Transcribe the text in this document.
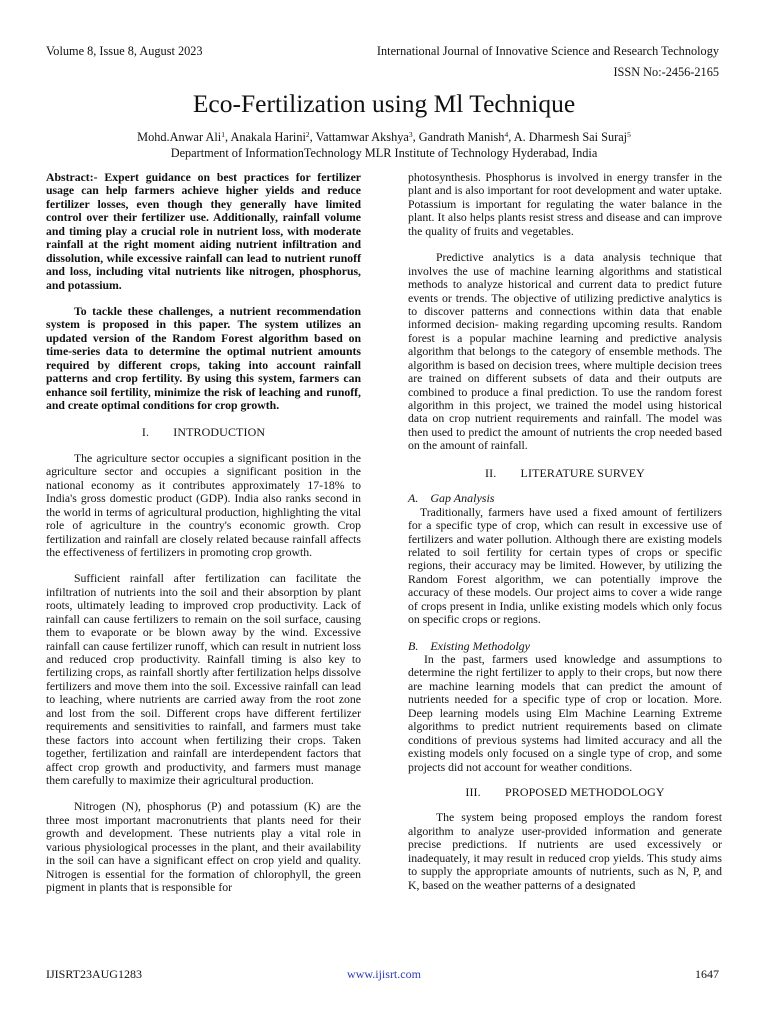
Volume 8, Issue 8, August 2023	International Journal of Innovative Science and Research Technology
ISSN No:-2456-2165
Eco-Fertilization using Ml Technique
Mohd.Anwar Ali$^1$, Anakala Harini$^2$, Vattamwar Akshya$^3$, Gandrath Manish$^4$, A. Dharmesh Sai Suraj$^5$
Department of InformationTechnology MLR Institute of Technology Hyderabad, India

Abstract:- Expert guidance on best practices for fertilizer usage can help farmers achieve higher yields and reduce fertilizer losses, even though they generally have limited control over their fertilizer use. Additionally, rainfall volume and timing play a crucial role in nutrient loss, with moderate rainfall at the right moment aiding nutrient infiltration and dissolution, while excessive rainfall can lead to nutrient runoff and loss, including vital nutrients like nitrogen, phosphorus, and potassium.

To tackle these challenges, a nutrient recommendation system is proposed in this paper. The system utilizes an updated version of the Random Forest algorithm based on time-series data to determine the optimal nutrient amounts required by different crops, taking into account rainfall patterns and crop fertility. By using this system, farmers can enhance soil fertility, minimize the risk of leaching and runoff, and create optimal conditions for crop growth.

I.  INTRODUCTION

The agriculture sector occupies a significant position in the agriculture sector and occupies a significant position in the national economy as it contributes approximately 17-18% to India's gross domestic product (GDP). India also ranks second in the world in terms of agricultural production, highlighting the vital role of agriculture in the country's economic growth. Crop fertilization and rainfall are closely related because rainfall affects the effectiveness of fertilizers in promoting crop growth.

Sufficient rainfall after fertilization can facilitate the infiltration of nutrients into the soil and their absorption by plant roots, ultimately leading to improved crop productivity. Lack of rainfall can cause fertilizers to remain on the soil surface, causing them to evaporate or be blown away by the wind. Excessive rainfall can cause fertilizer runoff, which can result in nutrient loss and reduced crop productivity. Rainfall timing is also key to fertilizing crops, as rainfall shortly after fertilization helps dissolve fertilizers and move them into the soil. Excessive rainfall can lead to leaching, where nutrients are carried away from the root zone and lost from the soil. Different crops have different fertilizer requirements and sensitivities to rainfall, and farmers must take these factors into account when fertilizing their crops. Taken together, fertilization and rainfall are interdependent factors that affect crop growth and productivity, and farmers must manage them carefully to maximize their agricultural production.

Nitrogen (N), phosphorus (P) and potassium (K) are the three most important macronutrients that plants need for their growth and development. These nutrients play a vital role in various physiological processes in the plant, and their availability in the soil can have a significant effect on crop yield and quality. Nitrogen is essential for the formation of chlorophyll, the green pigment in plants that is responsible for

photosynthesis. Phosphorus is involved in energy transfer in the plant and is also important for root development and water uptake. Potassium is important for regulating the water balance in the plant. It also helps plants resist stress and disease and can improve the quality of fruits and vegetables.

Predictive analytics is a data analysis technique that involves the use of machine learning algorithms and statistical methods to analyze historical and current data to predict future events or trends. The objective of utilizing predictive analytics is to discover patterns and connections within data that enable informed decision- making regarding upcoming results. Random forest is a popular machine learning and predictive analysis algorithm that belongs to the category of ensemble methods. The algorithm is based on decision trees, where multiple decision trees are trained on different subsets of data and their outputs are combined to produce a final prediction. To use the random forest algorithm in this project, we trained the model using historical data on crop nutrient requirements and rainfall. The model was then used to predict the amount of nutrients the crop needed based on the amount of rainfall.

II.  LITERATURE SURVEY
A. Gap Analysis

Traditionally, farmers have used a fixed amount of fertilizers for a specific type of crop, which can result in excessive use of fertilizers and water pollution. Although there are existing models related to soil fertility for certain types of crops or specific regions, their accuracy may be limited. However, by utilizing the Random Forest algorithm, we can potentially improve the accuracy of these models. Our project aims to cover a wide range of crops present in India, unlike existing models which only focus on specific crops or regions.

B. Existing Methodolgy

In the past, farmers used knowledge and assumptions to determine the right fertilizer to apply to their crops, but now there are machine learning models that can predict the amount of nutrients needed for a specific type of crop or location. More. Deep learning models using Elm Machine Learning Extreme algorithms to predict nutrient requirements based on climate conditions of previous systems had limited accuracy and all the existing models only focused on a single type of crop, and some projects did not account for weather conditions.

III.  PROPOSED METHODOLOGY

The system being proposed employs the random forest algorithm to analyze user-provided information and generate precise predictions. If nutrients are used excessively or inadequately, it may result in reduced crop yields. This study aims to supply the appropriate amounts of nutrients, such as N, P, and K, based on the weather patterns of a designated

IJISRT23AUG1283	www.ijisrt.com	1647
